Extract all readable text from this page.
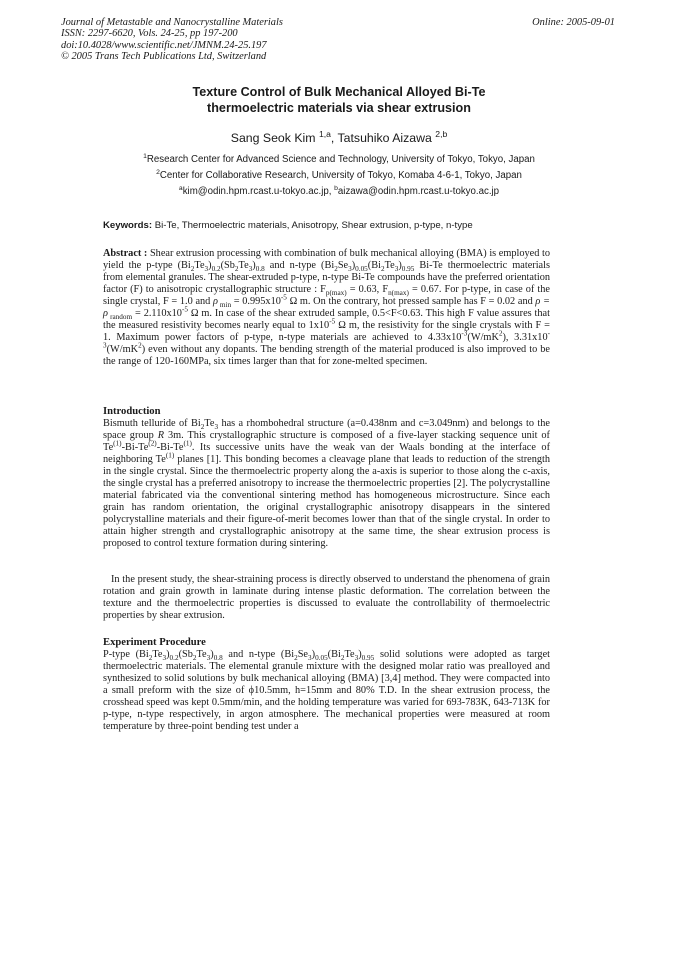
Journal of Metastable and Nanocrystalline Materials
ISSN: 2297-6620, Vols. 24-25, pp 197-200
doi:10.4028/www.scientific.net/JMNM.24-25.197
© 2005 Trans Tech Publications Ltd, Switzerland
Online: 2005-09-01
Texture Control of Bulk Mechanical Alloyed Bi-Te
thermoelectric materials via shear extrusion
Sang Seok Kim $^{1,a}$, Tatsuhiko Aizawa $^{2,b}$
$^1$Research Center for Advanced Science and Technology, University of Tokyo, Tokyo, Japan
$^2$Center for Collaborative Research, University of Tokyo, Komaba 4-6-1, Tokyo, Japan
$^a$kim@odin.hpm.rcast.u-tokyo.ac.jp, $^b$aizawa@odin.hpm.rcast.u-tokyo.ac.jp
Keywords: Bi-Te, Thermoelectric materials, Anisotropy, Shear extrusion, p-type, n-type

Abstract : Shear extrusion processing with combination of bulk mechanical alloying (BMA) is employed to yield the p-type $(Bi_2Te_3)_{0.2}(Sb_2Te_3)_{0.8}$ and n-type $(Bi_2Se_3)_{0.05}(Bi_2Te_3)_{0.95}$ Bi-Te thermoelectric materials from elemental granules. The shear-extruded p-type, n-type Bi-Te compounds have the preferred orientation factor (F) to anisotropic crystallographic structure : $F_{p(max)} = 0.63$, $F_{n(max)} = 0.67$. For p-type, in case of the single crystal, F = 1.0 and ρ $_{min} = 0.995x10^{-5}$ Ω m. On the contrary, hot pressed sample has F = 0.02 and ρ = ρ $_{random} = 2.110x10^{-5}$ Ω m. In case of the shear extruded sample, 0.5<F<0.63. This high F value assures that the measured resistivity becomes nearly equal to $1x10^{-5}$ Ω m, the resistivity for the single crystals with F = 1. Maximum power factors of p-type, n-type materials are achieved to $4.33x10^{-3}(W/mK^2)$, $3.31x10^{-3}(W/mK^2)$ even without any dopants. The bending strength of the material produced is also improved to be the range of 120-160MPa, six times larger than that for zone-melted specimen.

Introduction

Bismuth telluride of $Bi_2Te_3$ has a rhombohedral structure (a=0.438nm and c=3.049nm) and belongs to the space group R 3m. This crystallographic structure is composed of a five-layer stacking sequence unit of Te$^{(1)}$-Bi-Te$^{(2)}$-Bi-Te$^{(1)}$. Its successive units have the weak van der Waals bonding at the interface of neighboring Te$^{(1)}$ planes [1]. This bonding becomes a cleavage plane that leads to reduction of the strength in the single crystal. Since the thermoelectric property along the a-axis is superior to those along the c-axis, the single crystal has a preferred anisotropy to increase the thermoelectric properties [2]. The polycrystalline material fabricated via the conventional sintering method has homogeneous microstructure. Since each grain has random orientation, the original crystallographic anisotropy disappears in the sintered polycrystalline materials and their figure-of-merit becomes lower than that of the single crystal. In order to attain higher strength and crystallographic anisotropy at the same time, the shear extrusion process is proposed to control texture formation during sintering.

In the present study, the shear-straining process is directly observed to understand the phenomena of grain rotation and grain growth in laminate during intense plastic deformation. The correlation between the texture and the thermoelectric properties is discussed to evaluate the controllability of thermoelectric properties by shear extrusion.

Experiment Procedure

P-type $(Bi_2Te_3)_{0.2}(Sb_2Te_3)_{0.8}$ and n-type $(Bi_2Se_3)_{0.05}(Bi_2Te_3)_{0.95}$ solid solutions were adopted as target thermoelectric materials. The elemental granule mixture with the designed molar ratio was prealloyed and synthesized to solid solutions by bulk mechanical alloying (BMA) [3,4] method. They were compacted into a small preform with the size of ϕ10.5mm, h=15mm and 80% T.D. In the shear extrusion process, the crosshead speed was kept 0.5mm/min, and the holding temperature was varied for 693-783K, 643-713K for p-type, n-type respectively, in argon atmosphere. The mechanical properties were measured at room temperature by three-point bending test under a
